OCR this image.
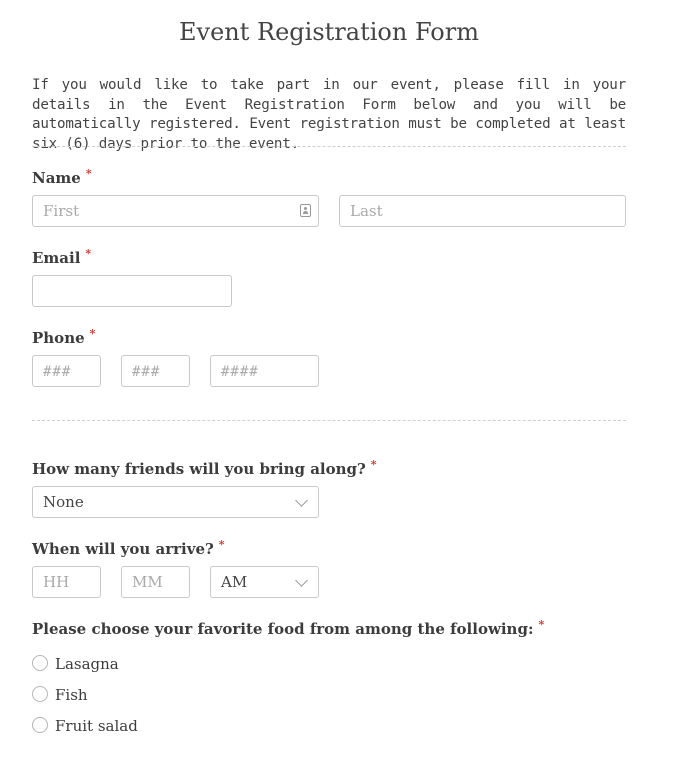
Event Registration Form

If you would like to take part in our event, please fill in your details in the Event Registration Form below and you will be automatically registered. Event registration must be completed at least six (6) days prior to the event.

Name *
First	Last
Email *
Phone *
###	###	####
How many friends will you bring along? *
None
When will you arrive? *
HH	MM	AM
Please choose your favorite food from among the following: *
Lasagna
Fish
Fruit salad
